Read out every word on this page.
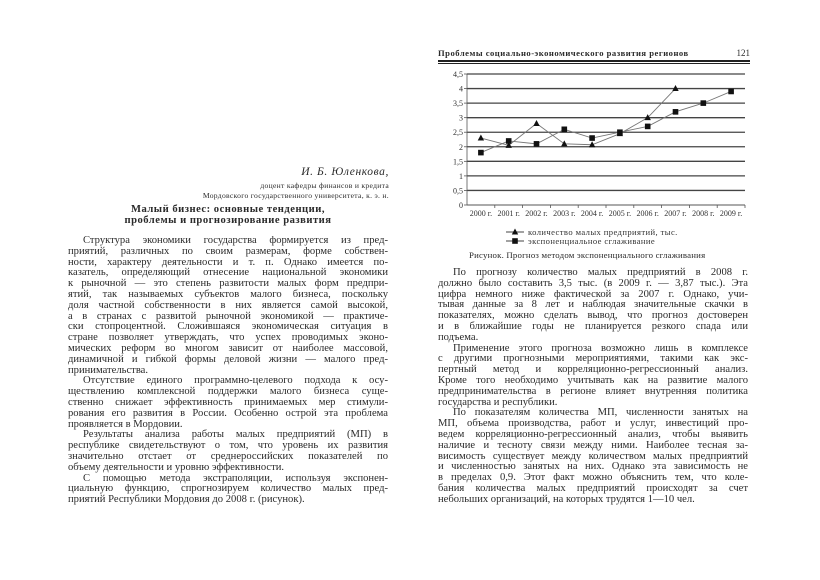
И. Б. Юленкова,
доцент кафедры финансов и кредита
Мордовского государственного университета, к. э. н.
Малый бизнес: основные тенденции,
проблемы и прогнозирование развития
Структура экономики государства формируется из пред-
приятий, различных по своим размерам, форме собствен-
ности, характеру деятельности и т. п. Однако имеется по-
казатель, определяющий отнесение национальной экономики
к рыночной — это степень развитости малых форм предпри-
ятий, так называемых субъектов малого бизнеса, поскольку
доля частной собственности в них является самой высокой,
а в странах с развитой рыночной экономикой — практиче-
ски стопроцентной. Сложившаяся экономическая ситуация в
стране позволяет утверждать, что успех проводимых эконо-
мических реформ во многом зависит от наиболее массовой,
динамичной и гибкой формы деловой жизни — малого пред-
принимательства.
Отсутствие единого программно-целевого подхода к осу-
ществлению комплексной поддержки малого бизнеса суще-
ственно снижает эффективность принимаемых мер стимули-
рования его развития в России. Особенно острой эта проблема
проявляется в Мордовии.
Результаты анализа работы малых предприятий (МП) в
республике свидетельствуют о том, что уровень их развития
значительно отстает от среднероссийских показателей по
объему деятельности и уровню эффективности.
С помощью метода экстраполяции, используя экспонен-
циальную функцию, спрогнозируем количество малых пред-
приятий Республики Мордовия до 2008 г. (рисунок).
Проблемы социально-экономического развития регионов	121
0
0,5
1
1,5
2
2,5
3
3,5
4
4,5
2000 г. 2001 г. 2002 г. 2003 г. 2004 г. 2005 г. 2006 г. 2007 г. 2008 г. 2009 г.
количество малых предприятий, тыс.
экспоненциальное сглаживание
Рисунок. Прогноз методом экспоненциального сглаживания
По прогнозу количество малых предприятий в 2008 г.
должно было составить 3,5 тыс. (в 2009 г. — 3,87 тыс.). Эта
цифра немного ниже фактической за 2007 г. Однако, учи-
тывая данные за 8 лет и наблюдая значительные скачки в
показателях, можно сделать вывод, что прогноз достоверен
и в ближайшие годы не планируется резкого спада или
подъема.
Применение этого прогноза возможно лишь в комплексе
с другими прогнозными мероприятиями, такими как экс-
пертный метод и корреляционно-регрессионный анализ.
Кроме того необходимо учитывать как на развитие малого
предпринимательства в регионе влияет внутренняя политика
государства и республики.
По показателям количества МП, численности занятых на
МП, объема производства, работ и услуг, инвестиций про-
ведем корреляционно-регрессионный анализ, чтобы выявить
наличие и тесноту связи между ними. Наиболее тесная за-
висимость существует между количеством малых предприятий
и численностью занятых на них. Однако эта зависимость не
в пределах 0,9. Этот факт можно объяснить тем, что коле-
бания количества малых предприятий происходят за счет
небольших организаций, на которых трудятся 1—10 чел.
